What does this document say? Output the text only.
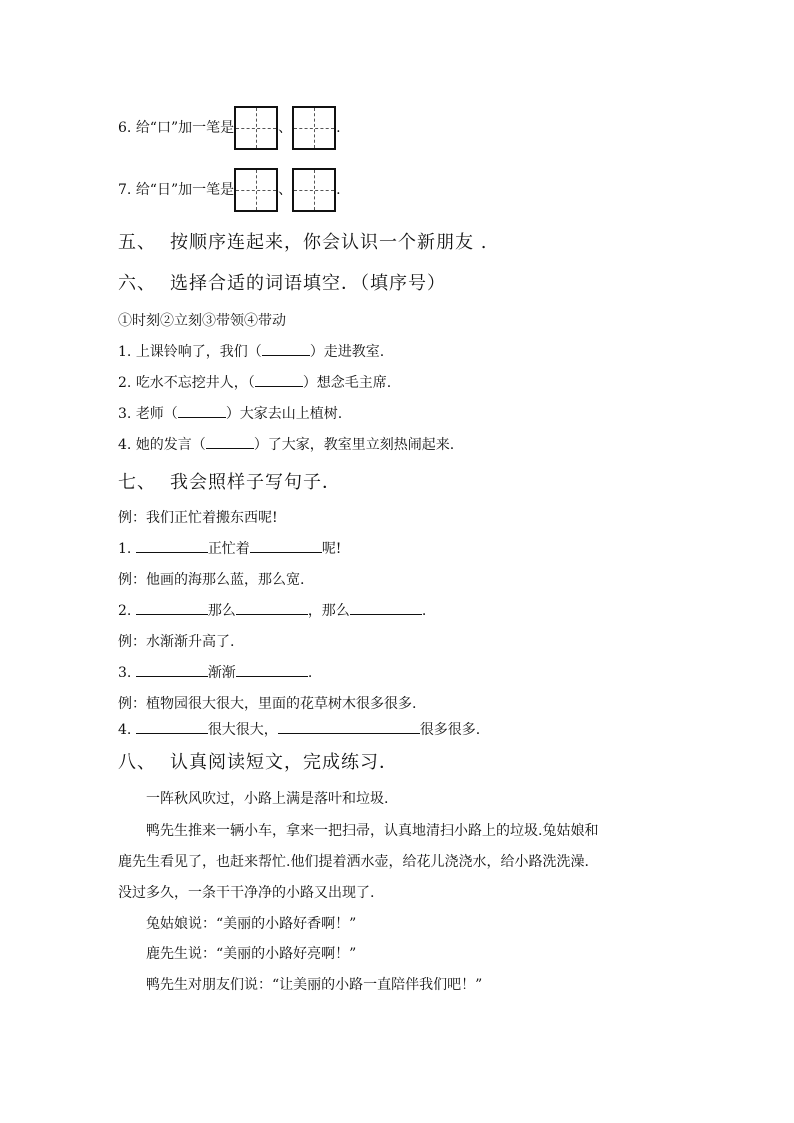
6. 给“口”加一笔是	、	.
7. 给“日”加一笔是	、	.
五、 按顺序连起来，你会认识一个新朋友 .
六、 选择合适的词语填空．（填序号）
①时刻②立刻③带领④带动
1. 上课铃响了，我们（	）走进教室.
2. 吃水不忘挖井人，（	）想念毛主席.
3. 老师（	）大家去山上植树.
4. 她的发言（	）了大家，教室里立刻热闹起来.
七、 我会照样子写句子．
例：我们正忙着搬东西呢!
1.	正忙着	呢!
例：他画的海那么蓝，那么宽.
2.	那么	，那么	.
例：水渐渐升高了.
3.	渐渐	.
例：植物园很大很大，里面的花草树木很多很多.
4.	很大很大，	很多很多.
八、 认真阅读短文，完成练习．
一阵秋风吹过，小路上满是落叶和垃圾.
鸭先生推来一辆小车，拿来一把扫帚，认真地清扫小路上的垃圾.兔姑娘和
鹿先生看见了，也赶来帮忙.他们提着洒水壶，给花儿浇浇水，给小路洗洗澡.
没过多久，一条干干净净的小路又出现了.
兔姑娘说：“美丽的小路好香啊！”
鹿先生说：“美丽的小路好亮啊！”
鸭先生对朋友们说：“让美丽的小路一直陪伴我们吧！”
